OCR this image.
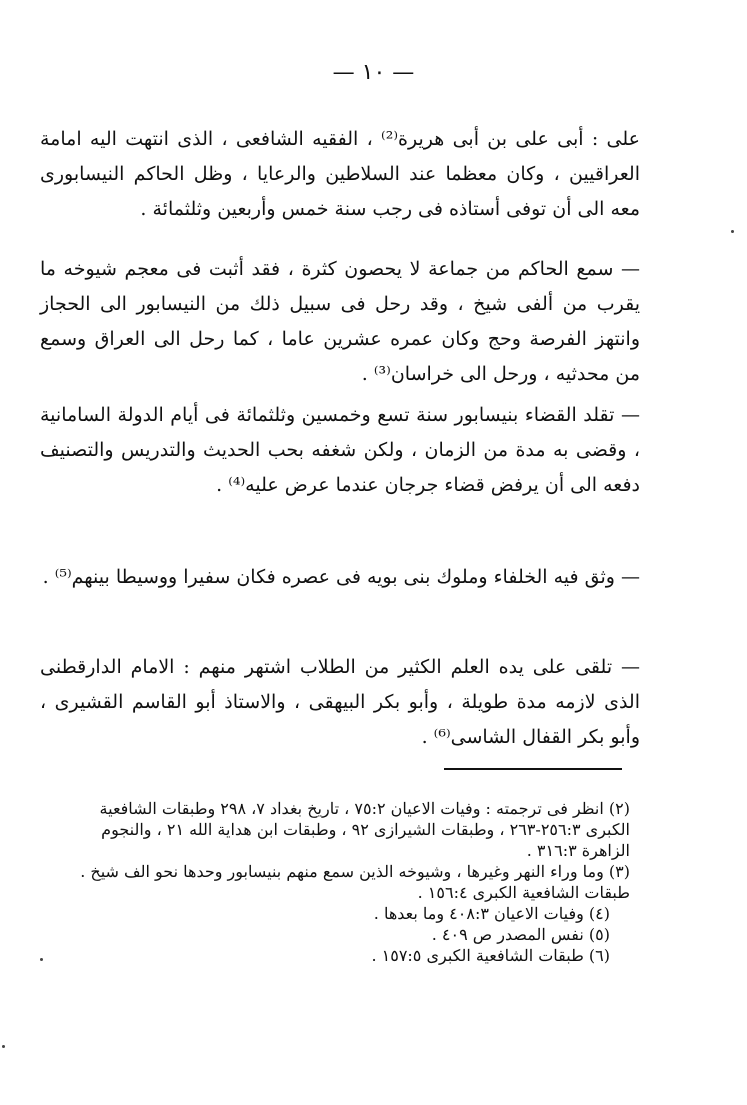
— ١٠ —

على : أبى على بن أبى هريرة⁽²⁾ ، الفقيه الشافعى ، الذى انتهت اليه امامة العراقيين ، وكان معظما عند السلاطين والرعايا ، وظل الحاكم النيسابورى معه الى أن توفى أستاذه فى رجب سنة خمس وأربعين وثلثمائة .

— سمع الحاكم من جماعة لا يحصون كثرة ، فقد أثبت فى معجم شيوخه ما يقرب من ألفى شيخ ، وقد رحل فى سبيل ذلك من النيسابور الى الحجاز وانتهز الفرصة وحج وكان عمره عشرين عاما ، كما رحل الى العراق وسمع من محدثيه ، ورحل الى خراسان⁽³⁾ .

— تقلد القضاء بنيسابور سنة تسع وخمسين وثلثمائة فى أيام الدولة السامانية ، وقضى به مدة من الزمان ، ولكن شغفه بحب الحديث والتدريس والتصنيف دفعه الى أن يرفض قضاء جرجان عندما عرض عليه⁽⁴⁾ .

— وثق فيه الخلفاء وملوك بنى بويه فى عصره فكان سفيرا ووسيطا بينهم⁽⁵⁾ .

— تلقى على يده العلم الكثير من الطلاب اشتهر منهم : الامام الدارقطنى الذى لازمه مدة طويلة ، وأبو بكر البيهقى ، والاستاذ أبو القاسم القشيرى ، وأبو بكر القفال الشاسى⁽⁶⁾ .

(٢) انظر فى ترجمته : وفيات الاعيان ٧٥:٢ ، تاريخ بغداد ٧، ٢٩٨ وطبقات الشافعية الكبرى ٢٥٦:٣-٢٦٣ ، وطبقات الشيرازى ٩٢ ، وطبقات ابن هداية الله ٢١ ، والنجوم الزاهرة ٣١٦:٣ .

(٣) وما وراء النهر وغيرها ، وشيوخه الذين سمع منهم بنيسابور وحدها نحو الف شيخ . طبقات الشافعية الكبرى ١٥٦:٤ .

(٤) وفيات الاعيان ٤٠٨:٣ وما بعدها .

(٥) نفس المصدر ص ٤٠٩ .

(٦) طبقات الشافعية الكبرى ١٥٧:٥ .
